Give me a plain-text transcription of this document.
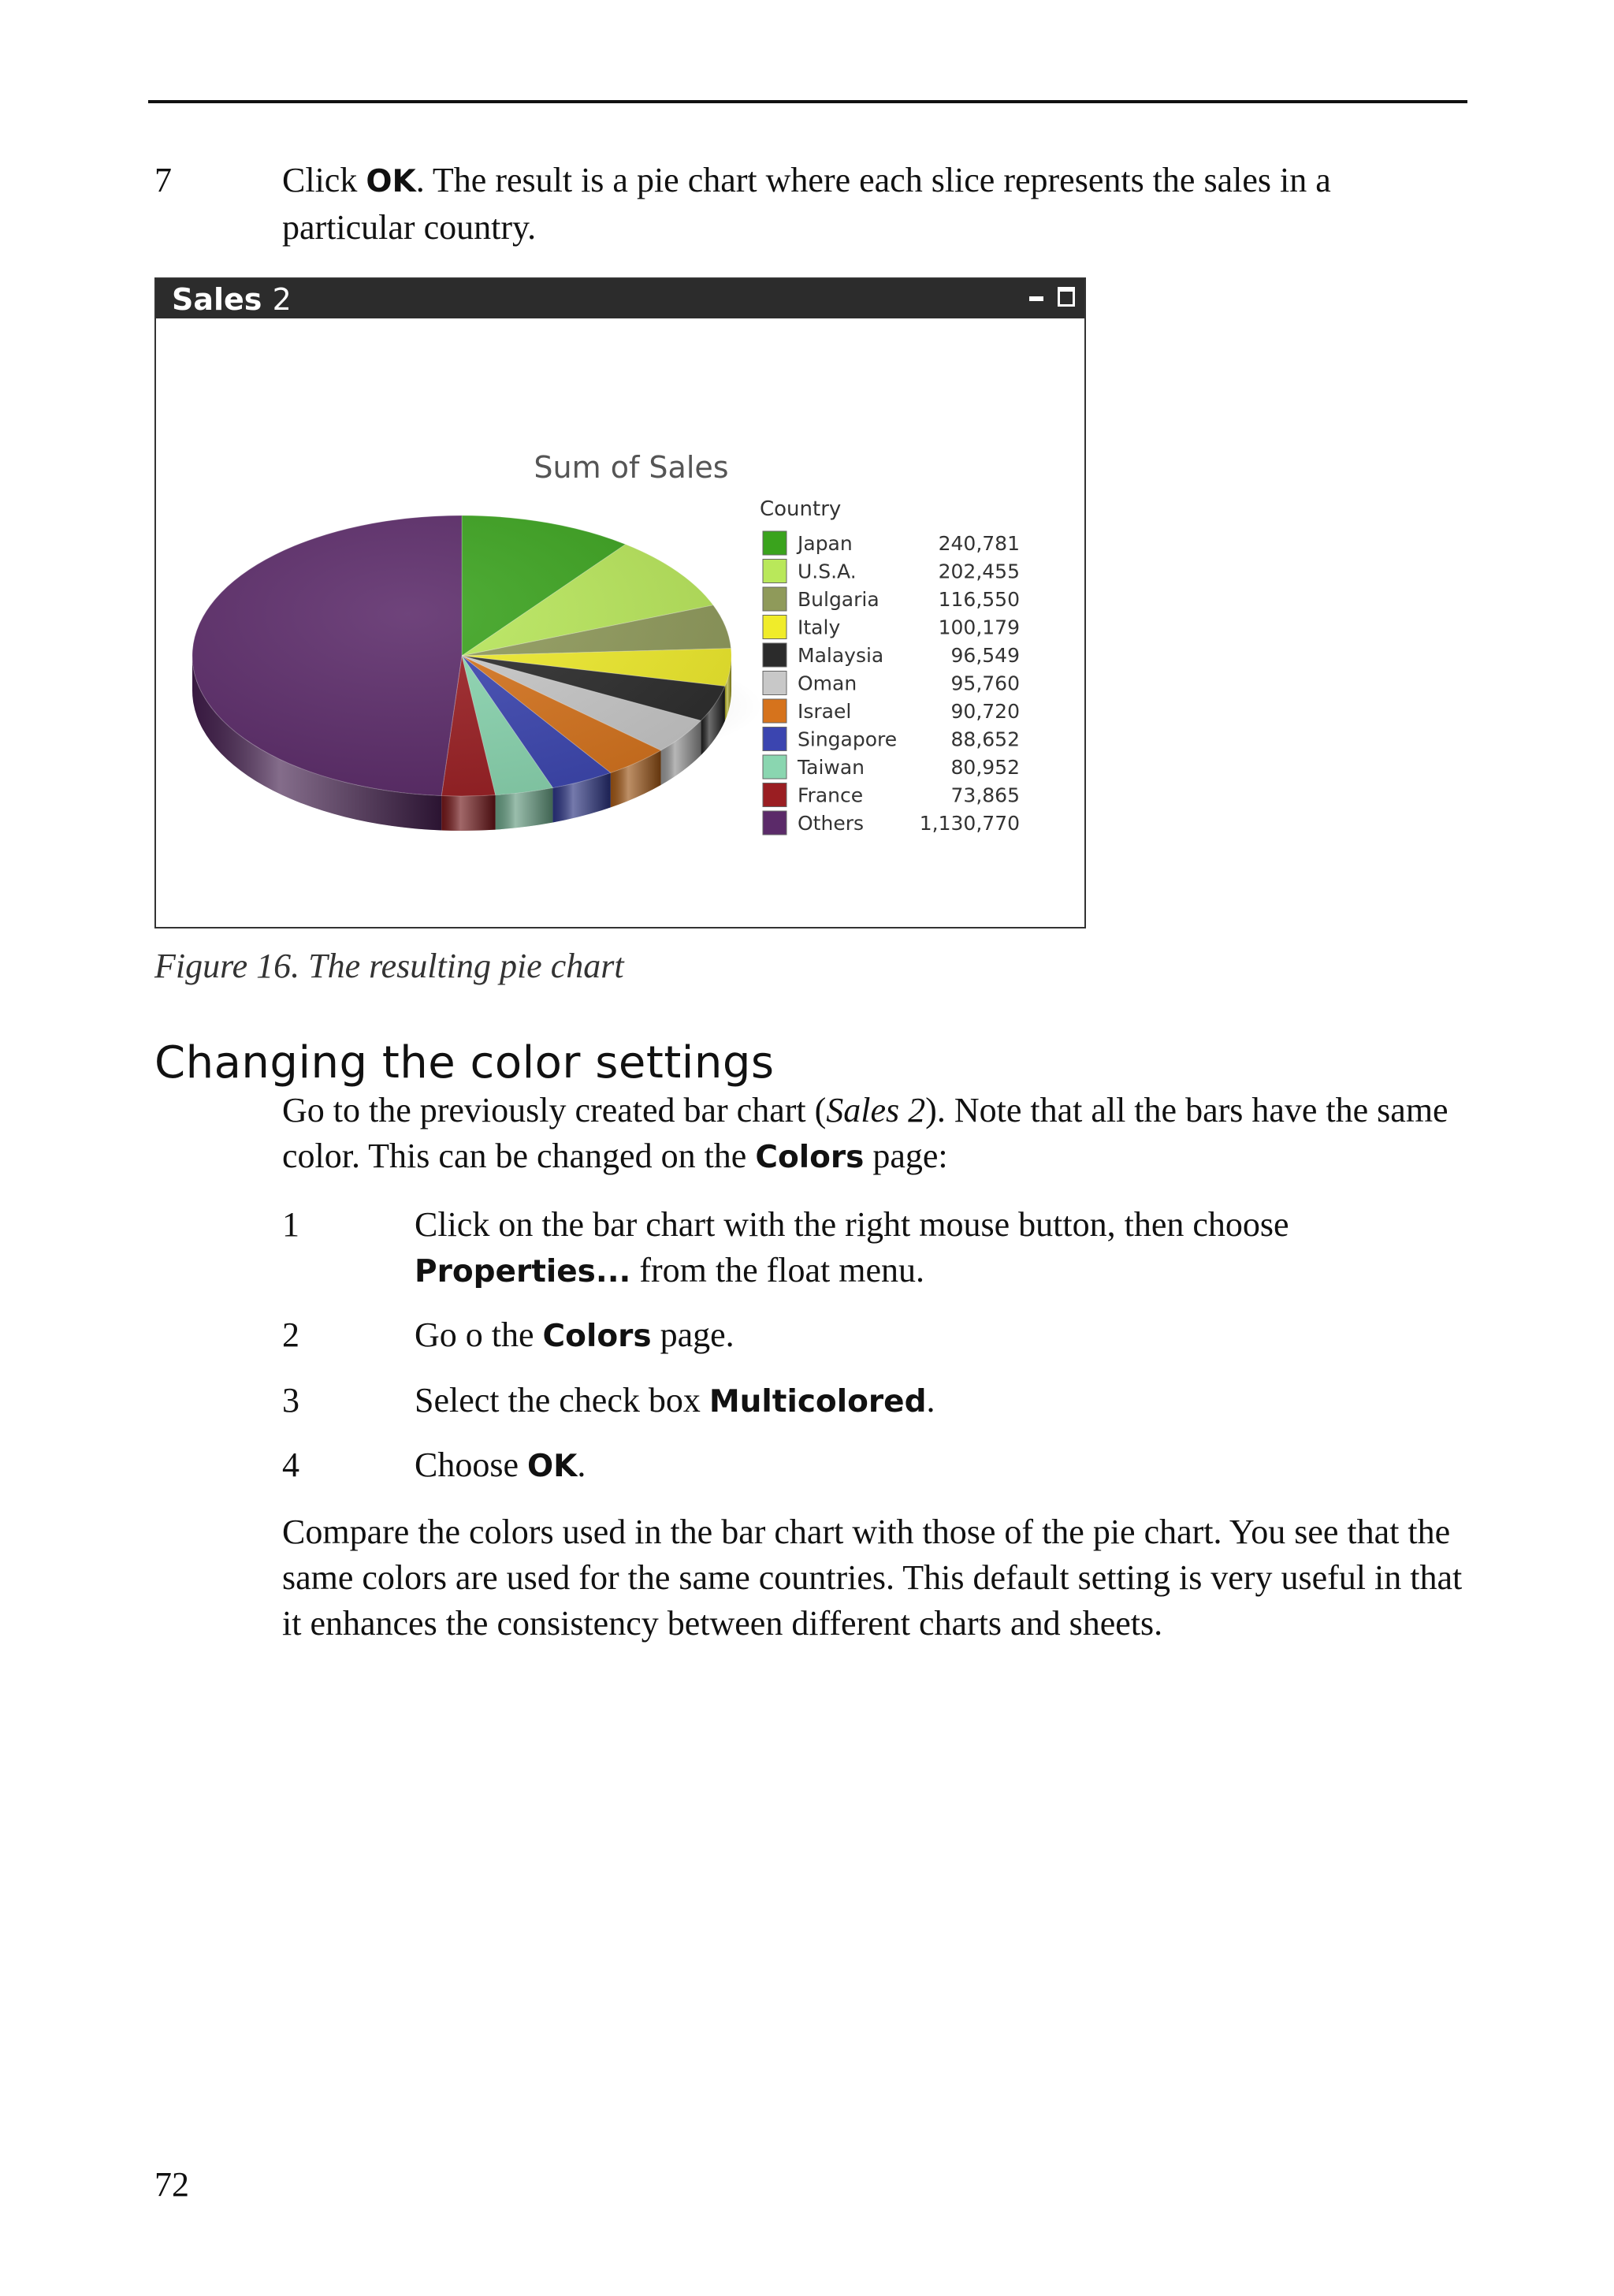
7	Click OK. The result is a pie chart where each slice represents the sales in a particular country.
Sales 2
Sum of Sales
Country
Japan	240,781
U.S.A.	202,455
Bulgaria	116,550
Italy	100,179
Malaysia	96,549
Oman	95,760
Israel	90,720
Singapore	88,652
Taiwan	80,952
France	73,865
Others	1,130,770
Figure 16. The resulting pie chart
Changing the color settings
Go to the previously created bar chart (Sales 2). Note that all the bars have the same color. This can be changed on the Colors page:
1	Click on the bar chart with the right mouse button, then choose Properties... from the float menu.
2	Go o the Colors page.
3	Select the check box Multicolored.
4	Choose OK.
Compare the colors used in the bar chart with those of the pie chart. You see that the same colors are used for the same countries. This default setting is very useful in that it enhances the consistency between different charts and sheets.
72
